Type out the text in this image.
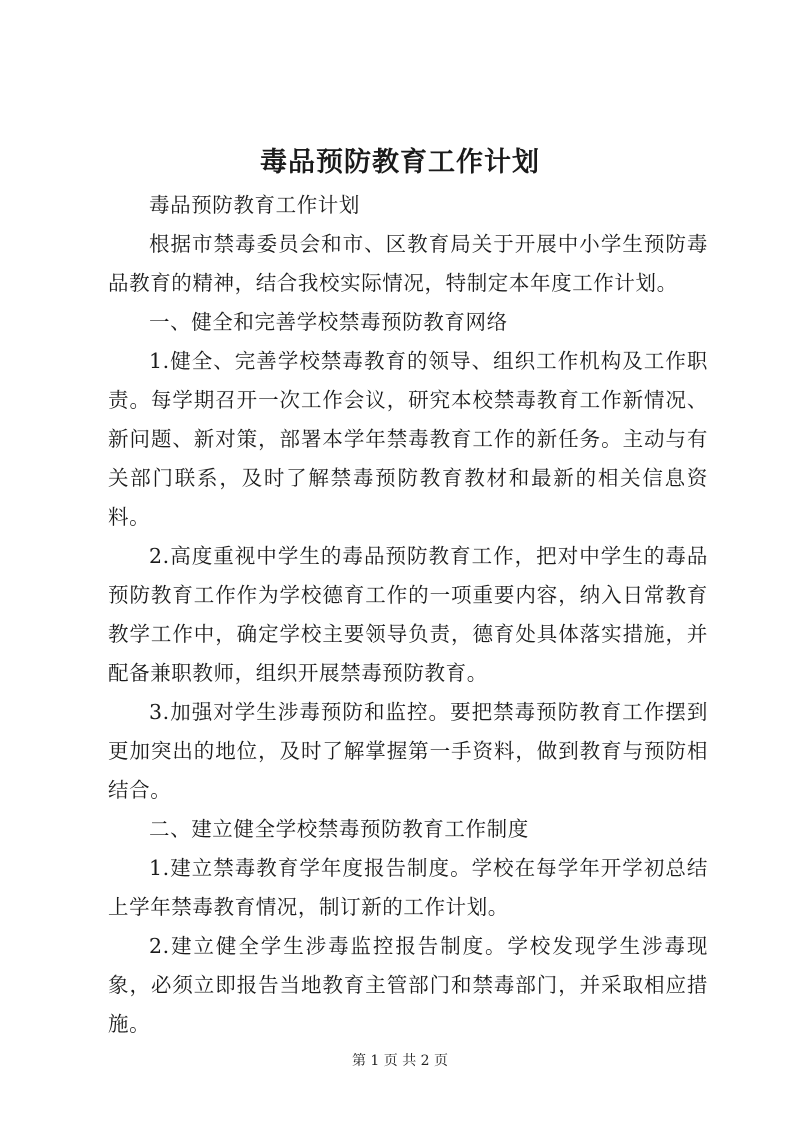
毒品预防教育工作计划

毒品预防教育工作计划

根据市禁毒委员会和市、区教育局关于开展中小学生预防毒品教育的精神，结合我校实际情况，特制定本年度工作计划。

一、健全和完善学校禁毒预防教育网络

1.健全、完善学校禁毒教育的领导、组织工作机构及工作职责。每学期召开一次工作会议，研究本校禁毒教育工作新情况、新问题、新对策，部署本学年禁毒教育工作的新任务。主动与有关部门联系，及时了解禁毒预防教育教材和最新的相关信息资料。

2.高度重视中学生的毒品预防教育工作，把对中学生的毒品预防教育工作作为学校德育工作的一项重要内容，纳入日常教育教学工作中，确定学校主要领导负责，德育处具体落实措施，并配备兼职教师，组织开展禁毒预防教育。

3.加强对学生涉毒预防和监控。要把禁毒预防教育工作摆到更加突出的地位，及时了解掌握第一手资料，做到教育与预防相结合。

二、建立健全学校禁毒预防教育工作制度

1.建立禁毒教育学年度报告制度。学校在每学年开学初总结上学年禁毒教育情况，制订新的工作计划。

2.建立健全学生涉毒监控报告制度。学校发现学生涉毒现象，必须立即报告当地教育主管部门和禁毒部门，并采取相应措施。

第 1 页 共 2 页
